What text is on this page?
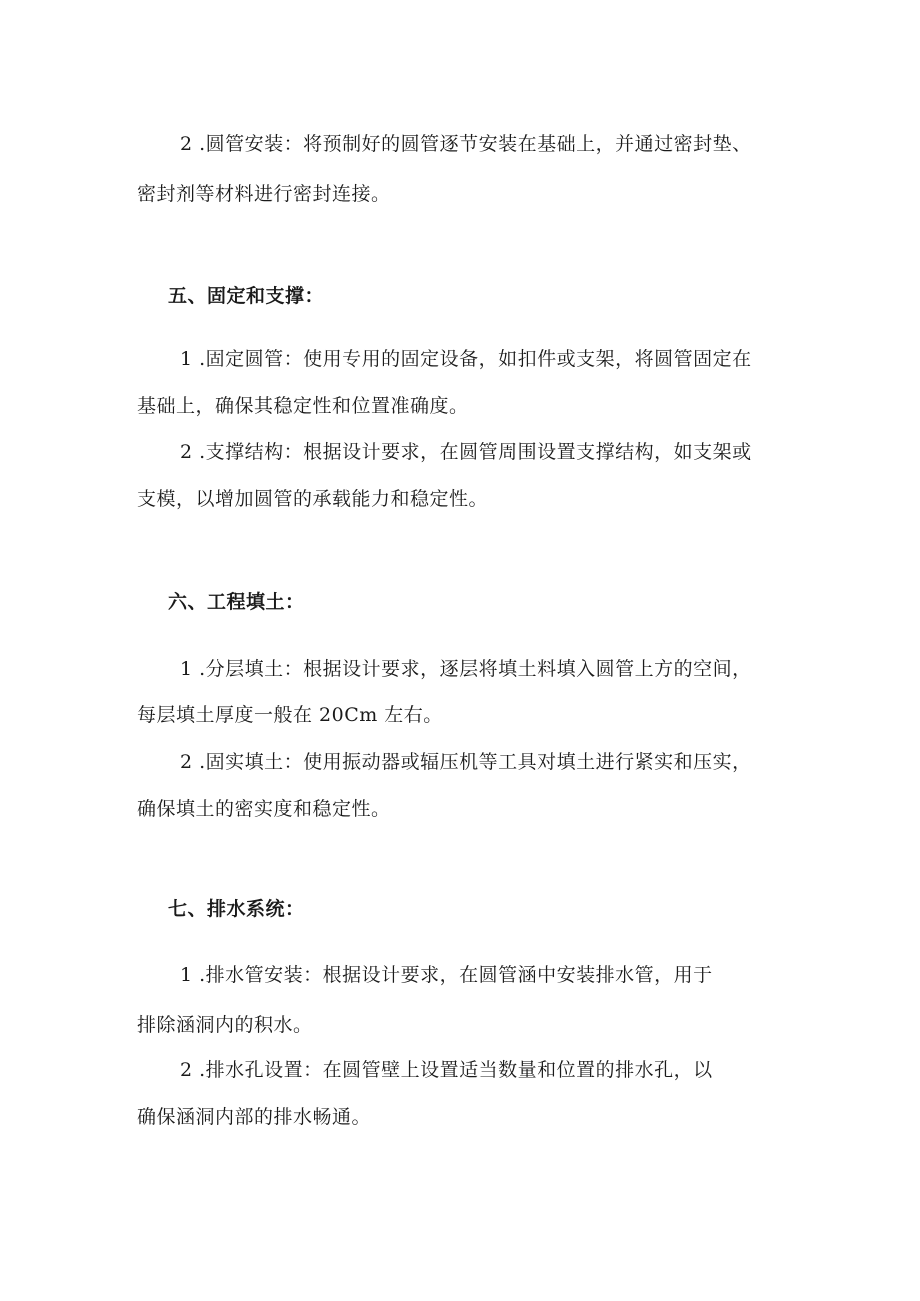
2 .圆管安装：将预制好的圆管逐节安装在基础上，并通过密封垫、
密封剂等材料进行密封连接。
五、固定和支撑：
1 .固定圆管：使用专用的固定设备，如扣件或支架，将圆管固定在
基础上，确保其稳定性和位置准确度。
2 .支撑结构：根据设计要求，在圆管周围设置支撑结构，如支架或
支模，以增加圆管的承载能力和稳定性。
六、工程填土：
1 .分层填土：根据设计要求，逐层将填土料填入圆管上方的空间，
每层填土厚度一般在 20Cm 左右。
2 .固实填土：使用振动器或辐压机等工具对填土进行紧实和压实，
确保填土的密实度和稳定性。
七、排水系统：
1 .排水管安装：根据设计要求，在圆管涵中安装排水管，用于
排除涵洞内的积水。
2 .排水孔设置：在圆管壁上设置适当数量和位置的排水孔，以
确保涵洞内部的排水畅通。
